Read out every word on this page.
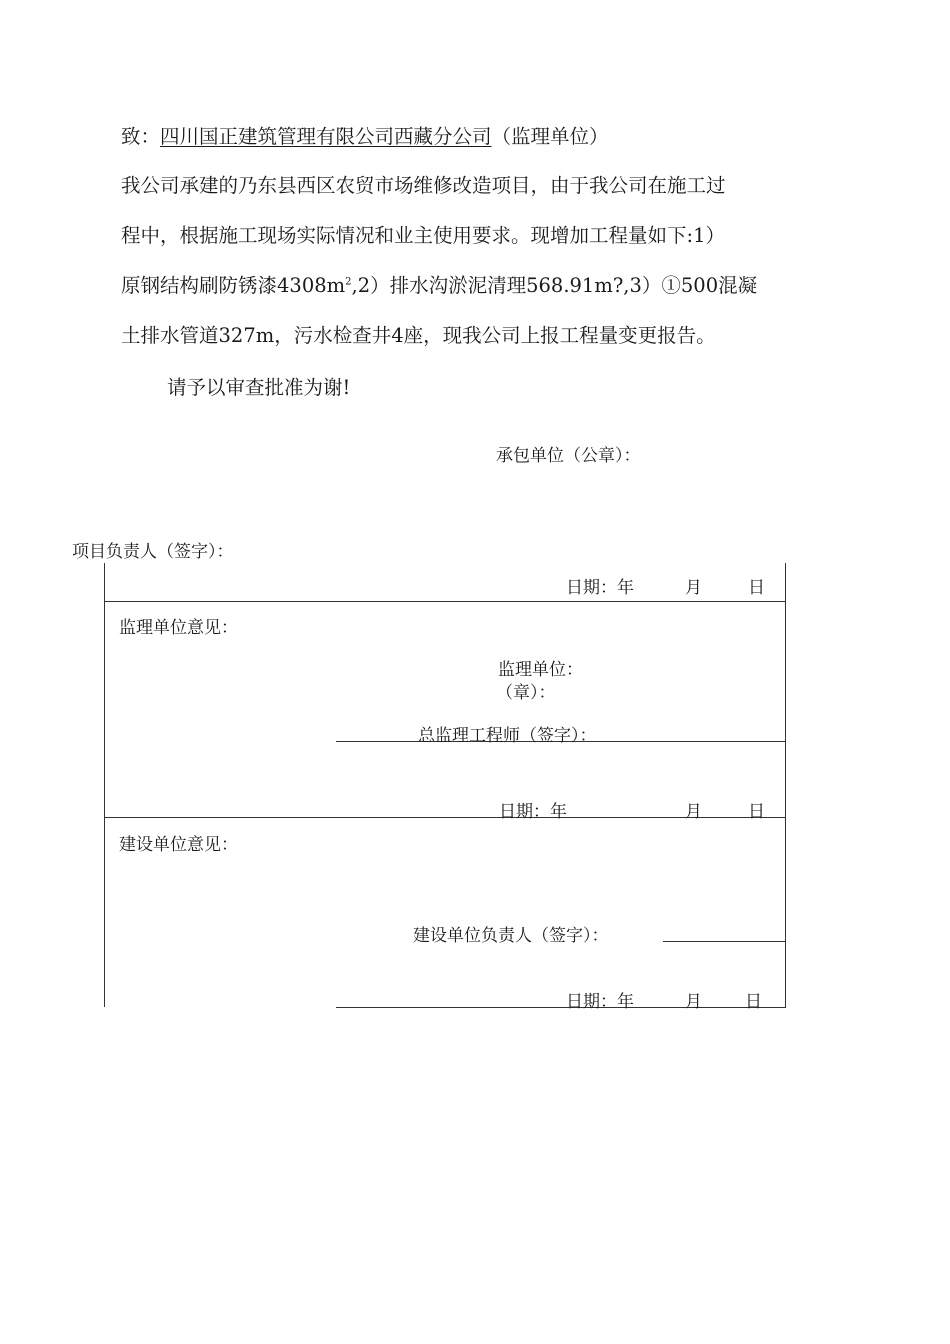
致：四川国正建筑管理有限公司西藏分公司（监理单位）
我公司承建的乃东县西区农贸市场维修改造项目，由于我公司在施工过
程中，根据施工现场实际情况和业主使用要求。现增加工程量如下:1）
原钢结构刷防锈漆$4308m^2,2$）排水沟淤泥清理568.91m?,3）①500混凝
土排水管道327m，污水检查井4座，现我公司上报工程量变更报告。
请予以审查批准为谢!
承包单位（公章）：
项目负责人（签字）：
日期：年	月	日
监理单位意见：
监理单位：
（章）：
总监理工程师（签字）：
日期：年	月	日
建设单位意见：
建设单位负责人（签字）：
日期：年	月	日
